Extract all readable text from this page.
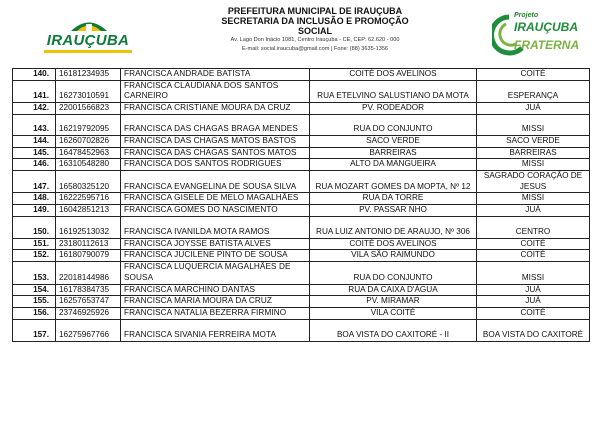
IRAUÇUBA
PREFEITURA MUNICIPAL DE IRAUÇUBA
SECRETARIA DA INCLUSÃO E PROMOÇÃO SOCIAL
Av. Lago Don Inácio 1081, Centro Irauçuba - CE, CEP: 62.620 - 000
E-mail: social.iraucuba@gmail.com | Fone: (88) 3635-1356
Projeto
IRAUÇUBA
FRATERNA
140.	16181234935	FRANCISCA ANDRADE BATISTA	COITÉ DOS AVELINOS	COITÉ
141.	16273010591	FRANCISCA CLAUDIANA DOS SANTOS CARNEIRO	RUA ETELVINO SALUSTIANO DA MOTA	ESPERANÇA
142.	22001566823	FRANCISCA CRISTIANE MOURA DA CRUZ	PV. RODEADOR	JUÁ
143.	16219792095	FRANCISCA DAS CHAGAS BRAGA MENDES	RUA DO CONJUNTO	MISSI
144.	16260702826	FRANCISCA DAS CHAGAS MATOS BASTOS	SACO VERDE	SACO VERDE
145.	16478452963	FRANCISCA DAS CHAGAS SANTOS MATOS	BARREIRAS	BARREIRAS
146.	16310548280	FRANCISCA DOS SANTOS RODRIGUES	ALTO DA MANGUEIRA	MISSI
147.	16580325120	FRANCISCA EVANGELINA DE SOUSA SILVA	RUA MOZART GOMES DA MOPTA, Nº 12	SAGRADO CORAÇÃO DE JESUS
148.	16222595716	FRANCISCA GISELE DE MELO MAGALHÃES	RUA DA TORRE	MISSI
149.	16042851213	FRANCISCA GOMES DO NASCIMENTO	PV. PASSAR NHO	JUÁ
150.	16192513032	FRANCISCA IVANILDA MOTA RAMOS	RUA LUIZ ANTONIO DE ARAUJO, Nº 306	CENTRO
151.	23180112613	FRANCISCA JOYSSE BATISTA ALVES	COITÉ DOS AVELINOS	COITÉ
152.	16180790079	FRANCISCA JUCILENE PINTO DE SOUSA	VILA SÃO RAIMUNDO	COITÉ
153.	22018144986	FRANCISCA LUQUERCIA MAGALHÃES DE SOUSA	RUA DO CONJUNTO	MISSI
154.	16178384735	FRANCISCA MARCHINO DANTAS	RUA DA CAIXA D'ÁGUA	JUÁ
155.	16257653747	FRANCISCA MARIA MOURA DA CRUZ	PV. MIRAMAR	JUÁ
156.	23746925926	FRANCISCA NATALIA BEZERRA FIRMINO	VILA COITÉ	COITÉ
157.	16275967766	FRANCISCA SIVANIA FERREIRA MOTA	BOA VISTA DO CAXITORÉ - II	BOA VISTA DO CAXITORÉ
